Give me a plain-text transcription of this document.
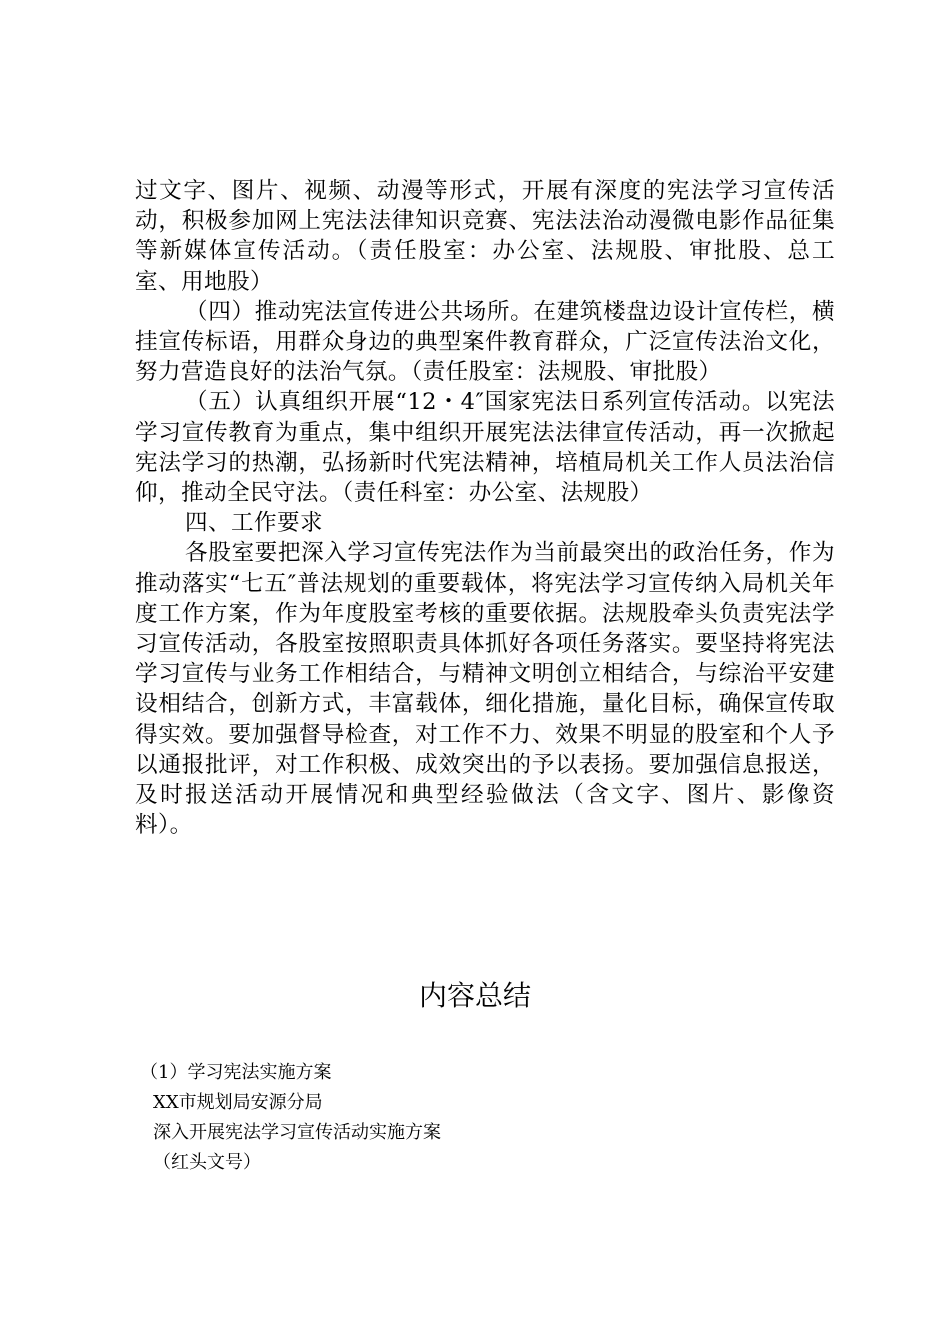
过文字、图片、视频、动漫等形式，开展有深度的宪法学习宣传活动，积极参加网上宪法法律知识竞赛、宪法法治动漫微电影作品征集等新媒体宣传活动。（责任股室：办公室、法规股、审批股、总工室、用地股）

（四）推动宪法宣传进公共场所。在建筑楼盘边设计宣传栏，横挂宣传标语，用群众身边的典型案件教育群众，广泛宣传法治文化，努力营造良好的法治气氛。（责任股室：法规股、审批股）

（五）认真组织开展“12・4″国家宪法日系列宣传活动。以宪法学习宣传教育为重点，集中组织开展宪法法律宣传活动，再一次掀起宪法学习的热潮，弘扬新时代宪法精神，培植局机关工作人员法治信仰，推动全民守法。（责任科室：办公室、法规股）

四、工作要求

各股室要把深入学习宣传宪法作为当前最突出的政治任务，作为推动落实“七五″普法规划的重要载体，将宪法学习宣传纳入局机关年度工作方案，作为年度股室考核的重要依据。法规股牵头负责宪法学习宣传活动，各股室按照职责具体抓好各项任务落实。要坚持将宪法学习宣传与业务工作相结合，与精神文明创立相结合，与综治平安建设相结合，创新方式，丰富载体，细化措施，量化目标，确保宣传取得实效。要加强督导检查，对工作不力、效果不明显的股室和个人予以通报批评，对工作积极、成效突出的予以表扬。要加强信息报送，及时报送活动开展情况和典型经验做法（含文字、图片、影像资料）。

内容总结
（1）学习宪法实施方案
XX市规划局安源分局
深入开展宪法学习宣传活动实施方案
（红头文号）
